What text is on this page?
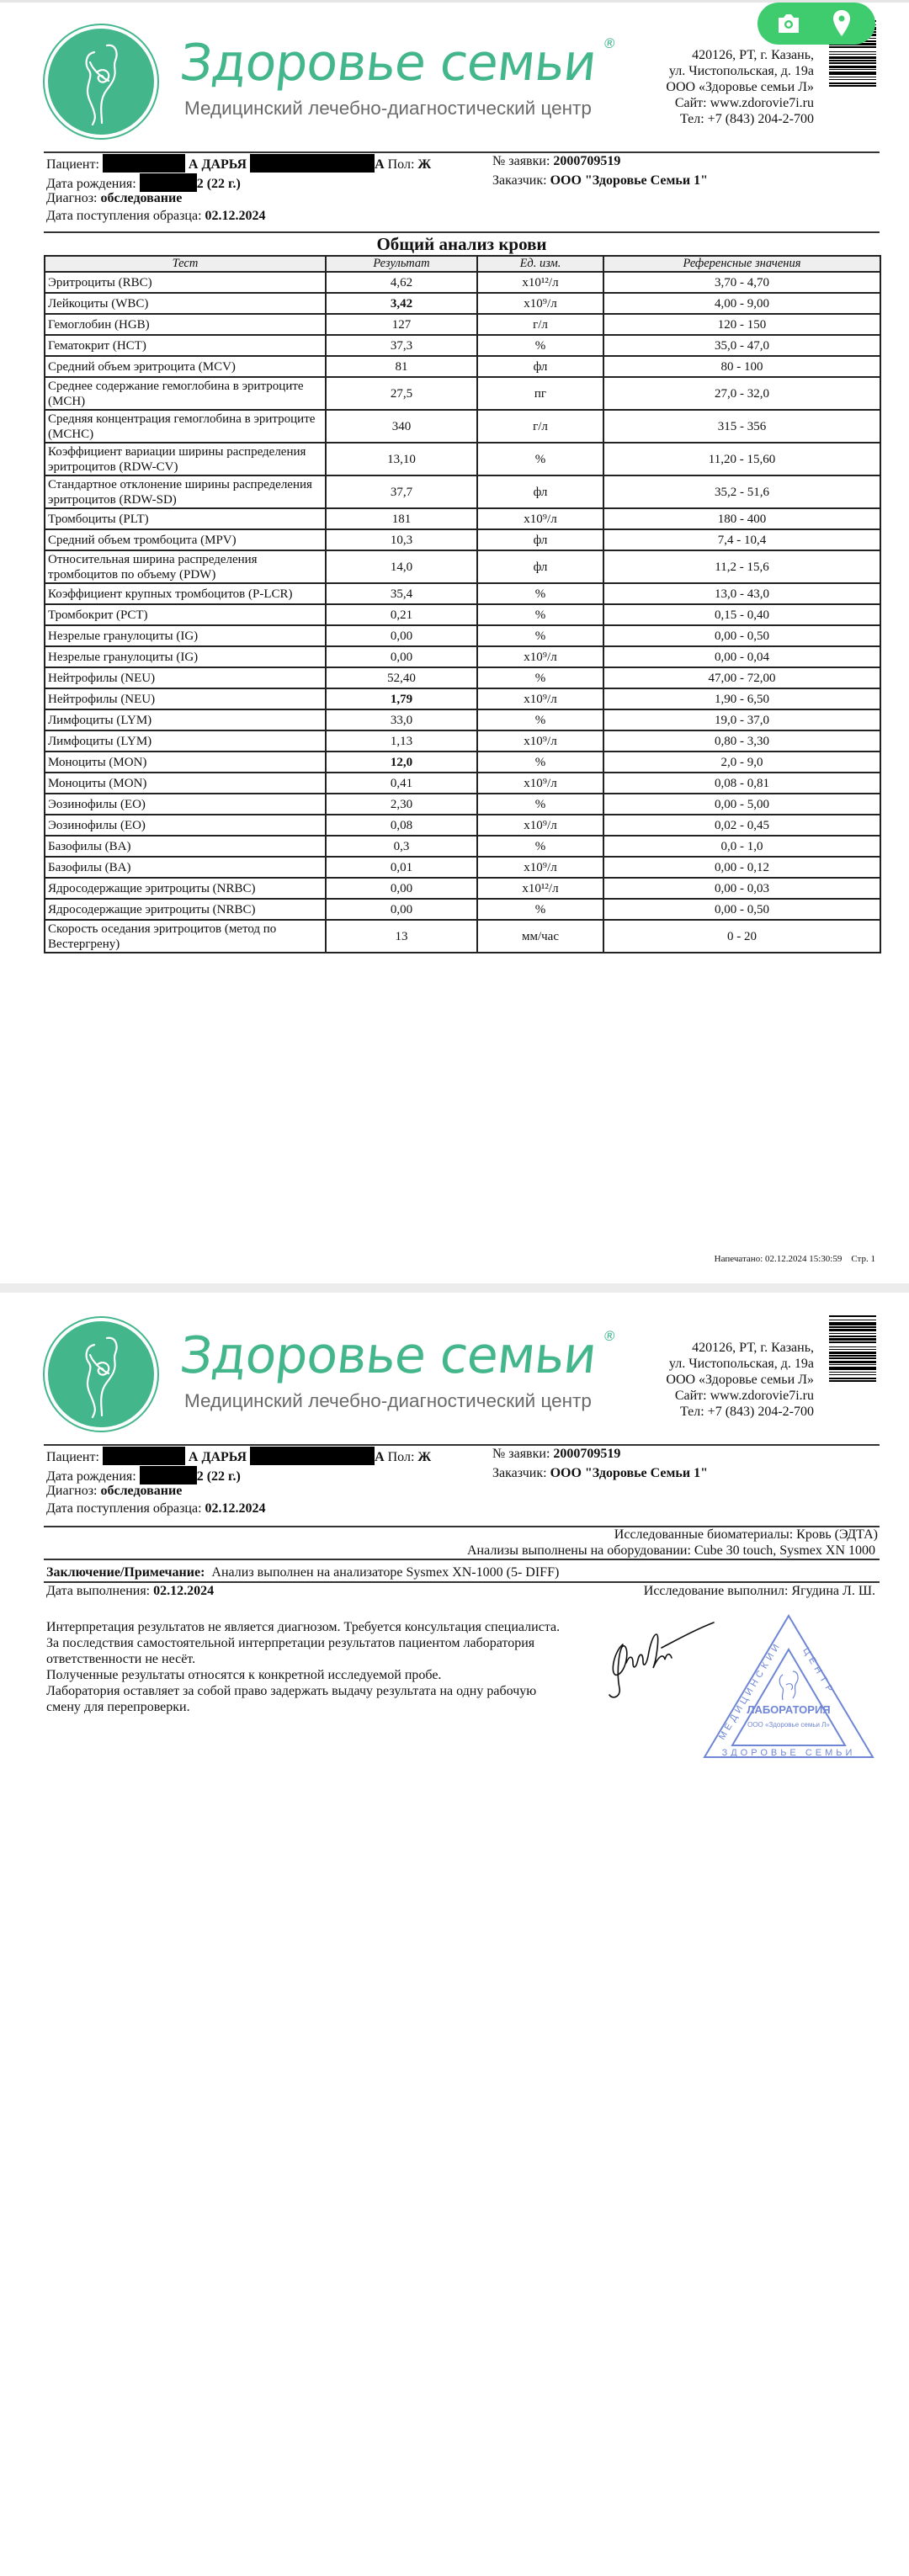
Здоровье семьи ®
Медицинский лечебно-диагностический центр
420126, РТ, г. Казань,
ул. Чистопольская, д. 19а
ООО «Здоровье семьи Л»
Сайт: www.zdorovie7i.ru
Тел: +7 (843) 204-2-700
Пациент:	А ДАРЬЯ	А Пол: Ж
Дата рождения:	2 (22 г.)
Диагноз: обследование
Дата поступления образца: 02.12.2024
№ заявки: 2000709519
Заказчик: ООО "Здоровье Семьи 1"
Общий анализ крови
Тест	Результат	Ед. изм.	Референсные значения
Эритроциты (RBC)	4,62	x10¹²/л	3,70 - 4,70
Лейкоциты (WBC)	3,42	x10⁹/л	4,00 - 9,00
Гемоглобин (HGB)	127	г/л	120 - 150
Гематокрит (HCT)	37,3	%	35,0 - 47,0
Средний объем эритроцита (MCV)	81	фл	80 - 100
Среднее содержание гемоглобина в эритроците (MCH)	27,5	пг	27,0 - 32,0
Средняя концентрация гемоглобина в эритроците (MCHC)	340	г/л	315 - 356
Коэффициент вариации ширины распределения эритроцитов (RDW-CV)	13,10	%	11,20 - 15,60
Стандартное отклонение ширины распределения эритроцитов (RDW-SD)	37,7	фл	35,2 - 51,6
Тромбоциты (PLT)	181	x10⁹/л	180 - 400
Средний объем тромбоцита (MPV)	10,3	фл	7,4 - 10,4
Относительная ширина распределения тромбоцитов по объему (PDW)	14,0	фл	11,2 - 15,6
Коэффициент крупных тромбоцитов (P-LCR)	35,4	%	13,0 - 43,0
Тромбокрит (PCT)	0,21	%	0,15 - 0,40
Незрелые гранулоциты (IG)	0,00	%	0,00 - 0,50
Незрелые гранулоциты (IG)	0,00	x10⁹/л	0,00 - 0,04
Нейтрофилы (NEU)	52,40	%	47,00 - 72,00
Нейтрофилы (NEU)	1,79	x10⁹/л	1,90 - 6,50
Лимфоциты (LYM)	33,0	%	19,0 - 37,0
Лимфоциты (LYM)	1,13	x10⁹/л	0,80 - 3,30
Моноциты (MON)	12,0	%	2,0 - 9,0
Моноциты (MON)	0,41	x10⁹/л	0,08 - 0,81
Эозинофилы (EO)	2,30	%	0,00 - 5,00
Эозинофилы (EO)	0,08	x10⁹/л	0,02 - 0,45
Базофилы (BA)	0,3	%	0,0 - 1,0
Базофилы (BA)	0,01	x10⁹/л	0,00 - 0,12
Ядросодержащие эритроциты (NRBC)	0,00	x10¹²/л	0,00 - 0,03
Ядросодержащие эритроциты (NRBC)	0,00	%	0,00 - 0,50
Скорость оседания эритроцитов (метод по Вестергрену)	13	мм/час	0 - 20
Напечатано: 02.12.2024 15:30:59 Стр. 1
Здоровье семьи ®
Медицинский лечебно-диагностический центр
420126, РТ, г. Казань,
ул. Чистопольская, д. 19а
ООО «Здоровье семьи Л»
Сайт: www.zdorovie7i.ru
Тел: +7 (843) 204-2-700
Пациент:	А ДАРЬЯ	А Пол: Ж
Дата рождения:	2 (22 г.)
Диагноз: обследование
Дата поступления образца: 02.12.2024
№ заявки: 2000709519
Заказчик: ООО "Здоровье Семьи 1"
Исследованные биоматериалы: Кровь (ЭДТА)
Анализы выполнены на оборудовании: Cube 30 touch, Sysmex XN 1000
Заключение/Примечание: Анализ выполнен на анализаторе Sysmex XN-1000 (5- DIFF)
Дата выполнения: 02.12.2024	Исследование выполнил: Ягудина Л. Ш.
Интерпретация результатов не является диагнозом. Требуется консультация специалиста.
За последствия самостоятельной интерпретации результатов пациентом лаборатория
ответственности не несёт.
Полученные результаты относятся к конкретной исследуемой пробе.
Лаборатория оставляет за собой право задержать выдачу результата на одну рабочую
смену для перепроверки.	ЛАБОРАТОРИЯ
ООО «Здоровье семьи Л»
ЗДОРОВЬЕ СЕМЬИ
М
Е
Д
И
Ц
И
Н
С
К
И
Й Ц
Е
Н
Т
Р
